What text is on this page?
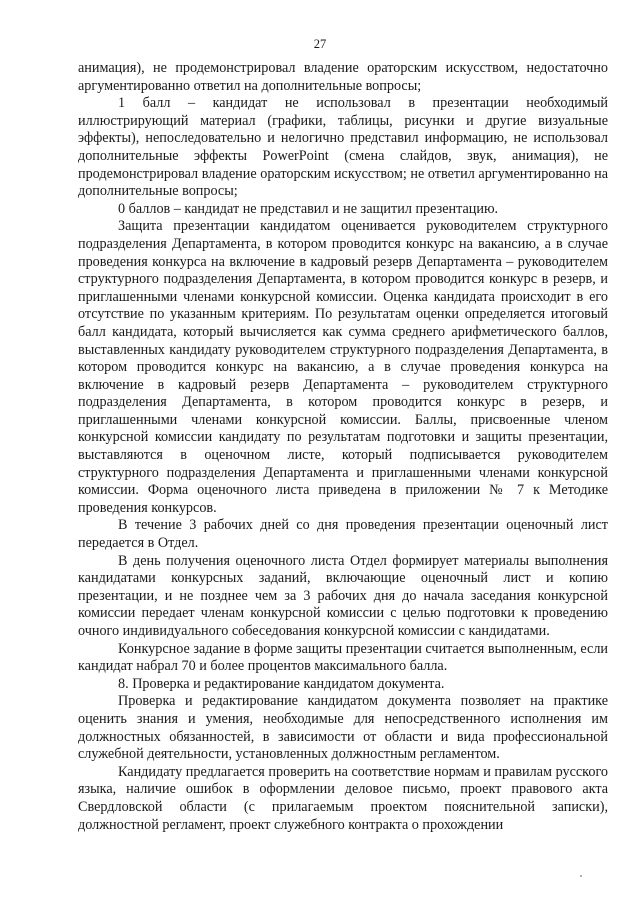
27

анимация), не продемонстрировал владение ораторским искусством, недостаточно аргументированно ответил на дополнительные вопросы;

1 балл – кандидат не использовал в презентации необходимый иллюстрирующий материал (графики, таблицы, рисунки и другие визуальные эффекты), непоследовательно и нелогично представил информацию, не использовал дополнительные эффекты PowerPoint (смена слайдов, звук, анимация), не продемонстрировал владение ораторским искусством; не ответил аргументированно на дополнительные вопросы;

0 баллов – кандидат не представил и не защитил презентацию.

Защита презентации кандидатом оценивается руководителем структурного подразделения Департамента, в котором проводится конкурс на вакансию, а в случае проведения конкурса на включение в кадровый резерв Департамента – руководителем структурного подразделения Департамента, в котором проводится конкурс в резерв, и приглашенными членами конкурсной комиссии. Оценка кандидата происходит в его отсутствие по указанным критериям. По результатам оценки определяется итоговый балл кандидата, который вычисляется как сумма среднего арифметического баллов, выставленных кандидату руководителем структурного подразделения Департамента, в котором проводится конкурс на вакансию, а в случае проведения конкурса на включение в кадровый резерв Департамента – руководителем структурного подразделения Департамента, в котором проводится конкурс в резерв, и приглашенными членами конкурсной комиссии. Баллы, присвоенные членом конкурсной комиссии кандидату по результатам подготовки и защиты презентации, выставляются в оценочном листе, который подписывается руководителем структурного подразделения Департамента и приглашенными членами конкурсной комиссии. Форма оценочного листа приведена в приложении № 7 к Методике проведения конкурсов.

В течение 3 рабочих дней со дня проведения презентации оценочный лист передается в Отдел.

В день получения оценочного листа Отдел формирует материалы выполнения кандидатами конкурсных заданий, включающие оценочный лист и копию презентации, и не позднее чем за 3 рабочих дня до начала заседания конкурсной комиссии передает членам конкурсной комиссии с целью подготовки к проведению очного индивидуального собеседования конкурсной комиссии с кандидатами.

Конкурсное задание в форме защиты презентации считается выполненным, если кандидат набрал 70 и более процентов максимального балла.

8. Проверка и редактирование кандидатом документа.

Проверка и редактирование кандидатом документа позволяет на практике оценить знания и умения, необходимые для непосредственного исполнения им должностных обязанностей, в зависимости от области и вида профессиональной служебной деятельности, установленных должностным регламентом.

Кандидату предлагается проверить на соответствие нормам и правилам русского языка, наличие ошибок в оформлении деловое письмо, проект правового акта Свердловской области (с прилагаемым проектом пояснительной записки), должностной регламент, проект служебного контракта о прохождении
